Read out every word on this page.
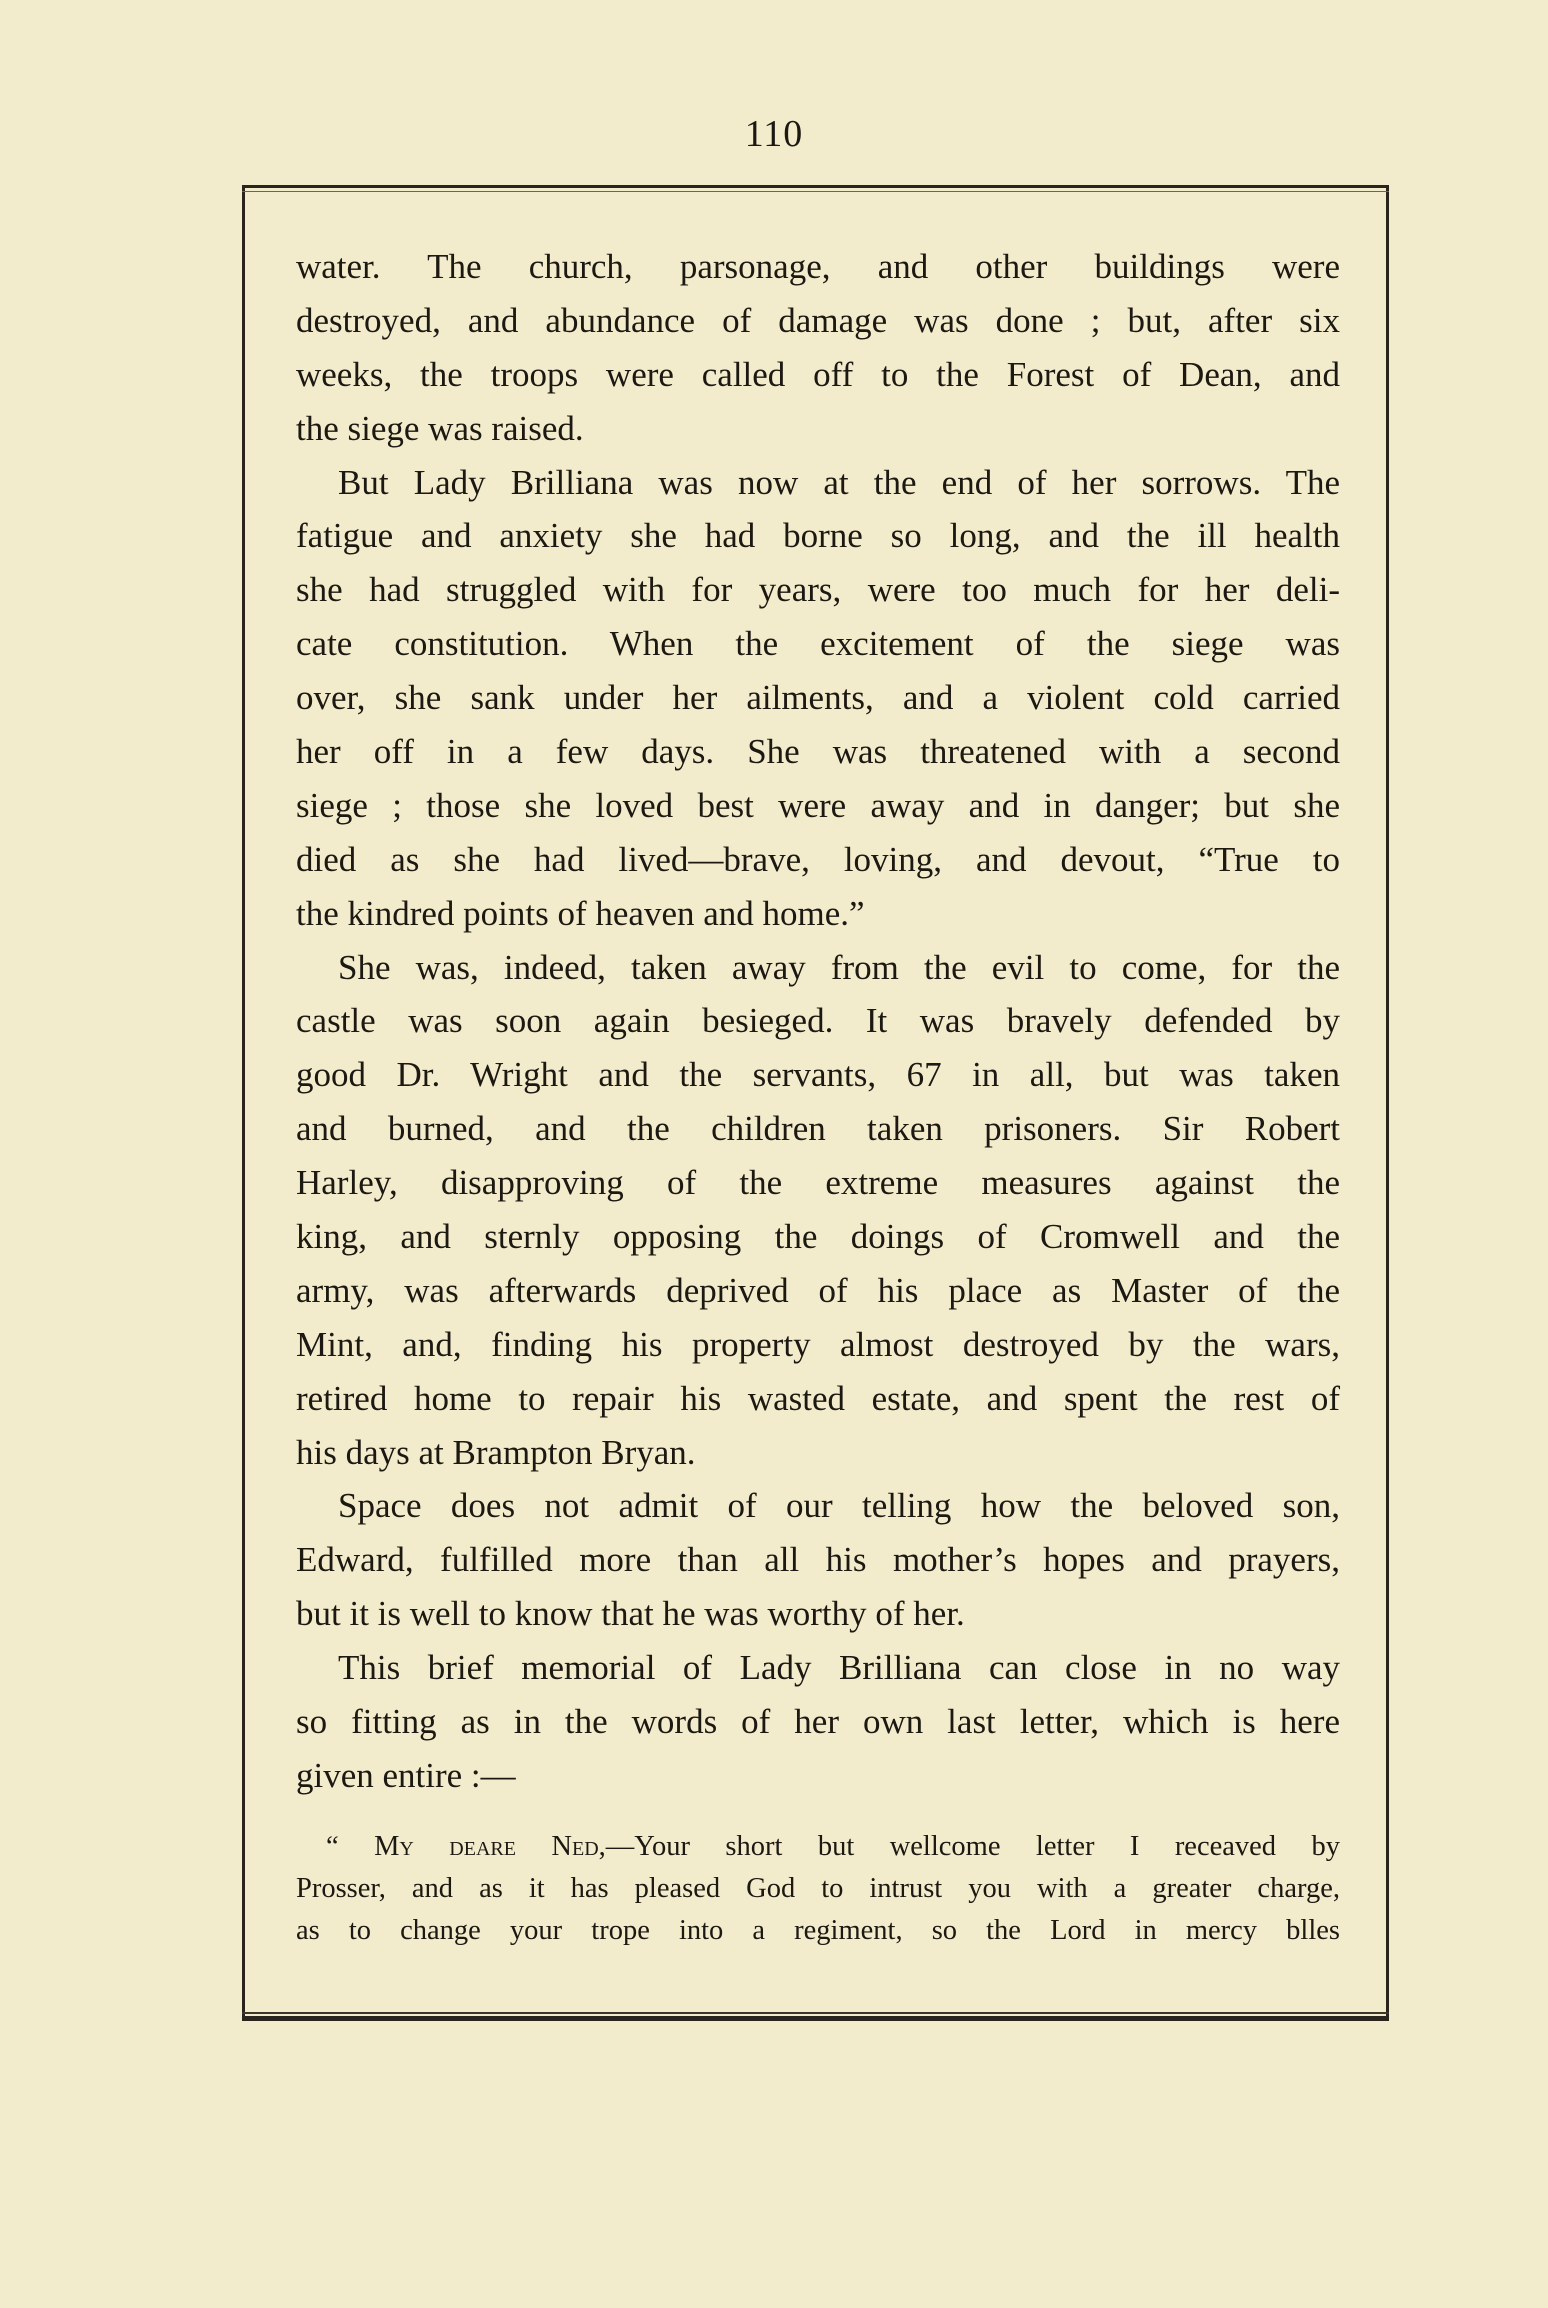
110
water. The church, parsonage, and other buildings were
destroyed, and abundance of damage was done ; but, after six
weeks, the troops were called off to the Forest of Dean, and
the siege was raised.
But Lady Brilliana was now at the end of her sorrows. The
fatigue and anxiety she had borne so long, and the ill health
she had struggled with for years, were too much for her deli-
cate constitution. When the excitement of the siege was
over, she sank under her ailments, and a violent cold carried
her off in a few days. She was threatened with a second
siege ; those she loved best were away and in danger; but she
died as she had lived—brave, loving, and devout, “True to
the kindred points of heaven and home.”
She was, indeed, taken away from the evil to come, for the
castle was soon again besieged. It was bravely defended by
good Dr. Wright and the servants, 67 in all, but was taken
and burned, and the children taken prisoners. Sir Robert
Harley, disapproving of the extreme measures against the
king, and sternly opposing the doings of Cromwell and the
army, was afterwards deprived of his place as Master of the
Mint, and, finding his property almost destroyed by the wars,
retired home to repair his wasted estate, and spent the rest of
his days at Brampton Bryan.
Space does not admit of our telling how the beloved son,
Edward, fulfilled more than all his mother’s hopes and prayers,
but it is well to know that he was worthy of her.
This brief memorial of Lady Brilliana can close in no way
so fitting as in the words of her own last letter, which is here
given entire :—
“ My deare Ned,—Your short but wellcome letter I receaved by
Prosser, and as it has pleased God to intrust you with a greater charge,
as to change your trope into a regiment, so the Lord in mercy blles
